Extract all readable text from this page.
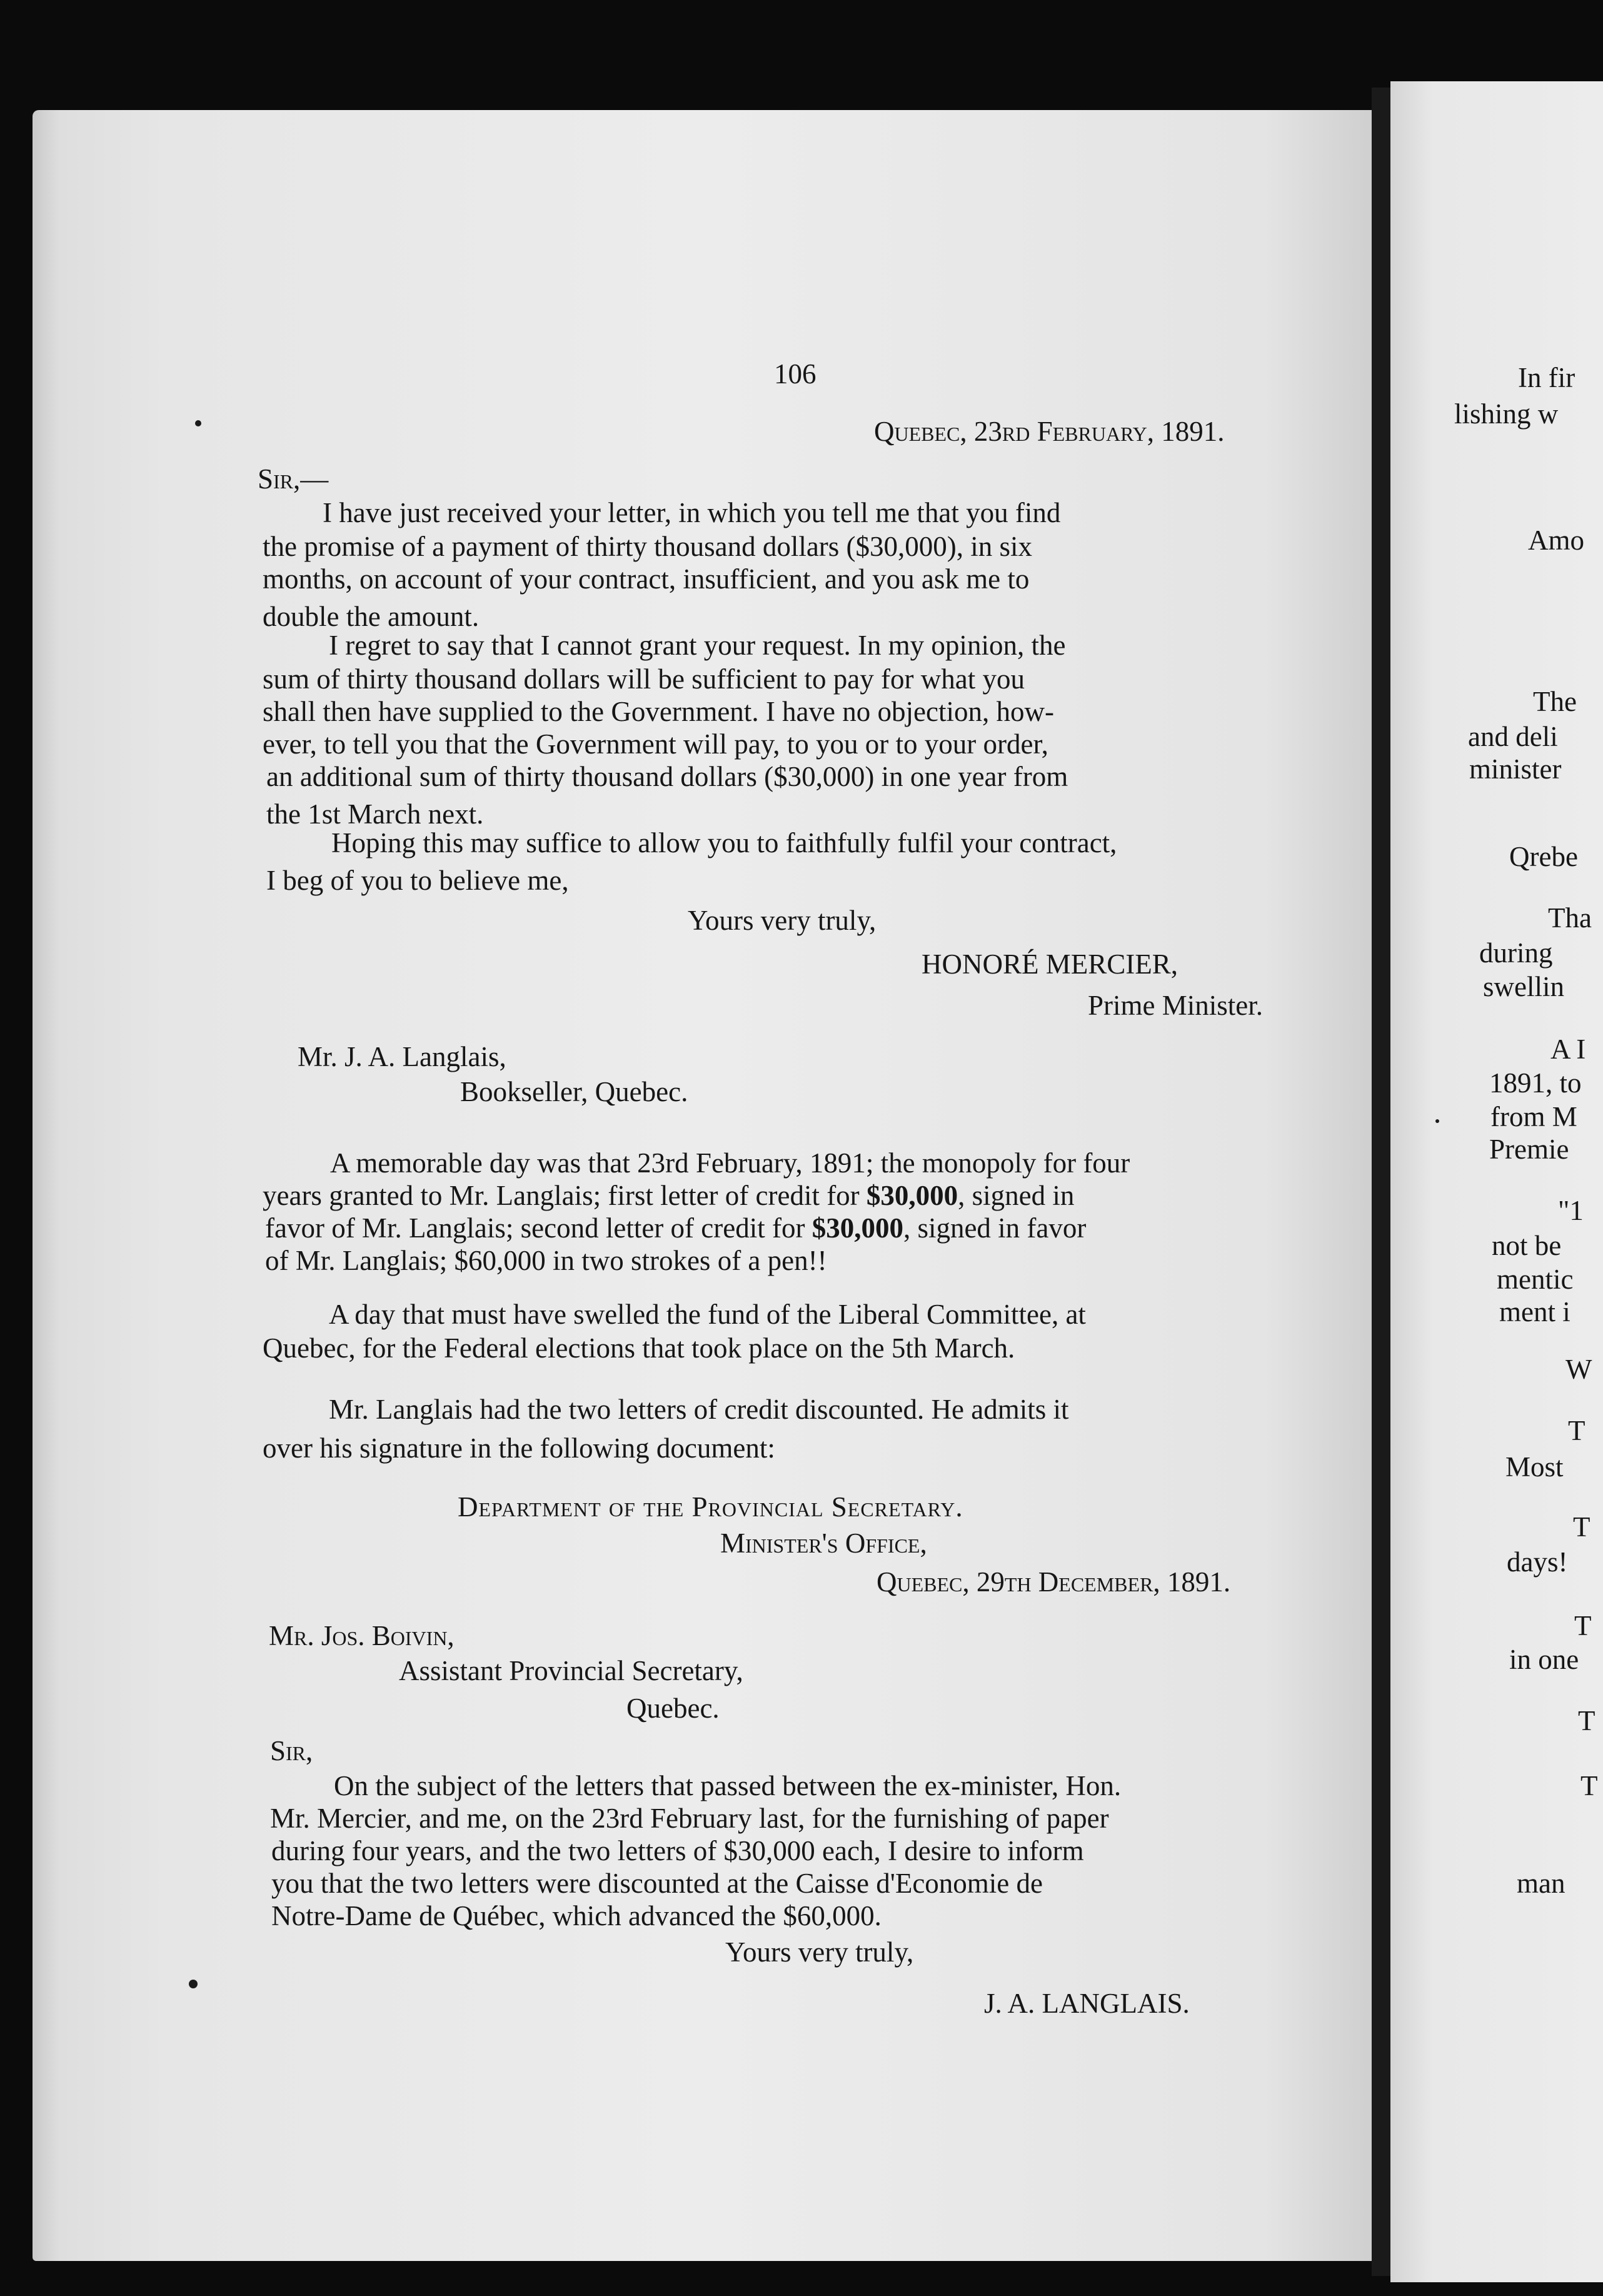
106
Quebec, 23rd February, 1891.
Sir,—
I have just received your letter, in which you tell me that you find
the promise of a payment of thirty thousand dollars ($30,000), in six
months, on account of your contract, insufficient, and you ask me to
double the amount.
I regret to say that I cannot grant your request. In my opinion, the
sum of thirty thousand dollars will be sufficient to pay for what you
shall then have supplied to the Government. I have no objection, how-
ever, to tell you that the Government will pay, to you or to your order,
an additional sum of thirty thousand dollars ($30,000) in one year from
the 1st March next.
Hoping this may suffice to allow you to faithfully fulfil your contract,
I beg of you to believe me,
Yours very truly,
HONORÉ MERCIER,
Prime Minister.
Mr. J. A. Langlais,
Bookseller, Quebec.
A memorable day was that 23rd February, 1891; the monopoly for four
years granted to Mr. Langlais; first letter of credit for $30,000, signed in
favor of Mr. Langlais; second letter of credit for $30,000, signed in favor
of Mr. Langlais; $60,000 in two strokes of a pen!!
A day that must have swelled the fund of the Liberal Committee, at
Quebec, for the Federal elections that took place on the 5th March.
Mr. Langlais had the two letters of credit discounted. He admits it
over his signature in the following document:
Department of the Provincial Secretary.
Minister's Office,
Quebec, 29th December, 1891.
Mr. Jos. Boivin,
Assistant Provincial Secretary,
Quebec.
Sir,
On the subject of the letters that passed between the ex-minister, Hon.
Mr. Mercier, and me, on the 23rd February last, for the furnishing of paper
during four years, and the two letters of $30,000 each, I desire to inform
you that the two letters were discounted at the Caisse d'Economie de
Notre-Dame de Québec, which advanced the $60,000.
Yours very truly,
J. A. LANGLAIS.
In fir
lishing w
Amo
The
and deli
minister
Qrebe
Tha
during
swellin
A I
1891, to
from M
Premie
"1
not be
mentic
ment i
W
T
Most
T
days!
T
in one
T
T
man
